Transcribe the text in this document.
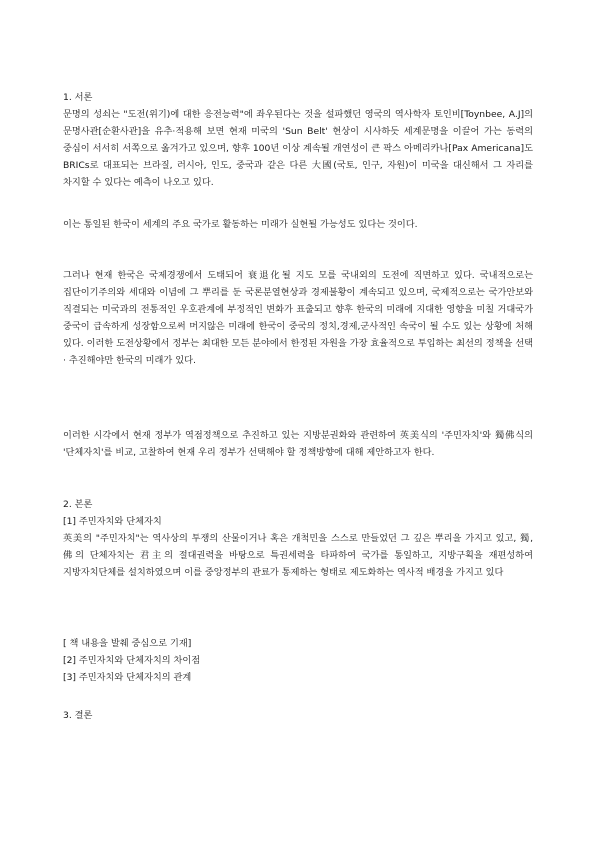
1. 서론
문명의 성쇠는 "도전(위기)에 대한 응전능력"에 좌우된다는 것을 설파했던 영국의 역사학자 토인비[Toynbee, A.J]의 문명사관[순환사관]을 유추·적용해 보면 현재 미국의 'Sun Belt' 현상이 시사하듯 세계문명을 이끌어 가는 동력의 중심이 서서히 서쪽으로 옮겨가고 있으며, 향후 100년 이상 계속될 개연성이 큰 팍스 아메리카나[Pax Americana]도 BRICs로 대표되는 브라질, 러시아, 인도, 중국과 같은 다른 大國(국토, 인구, 자원)이 미국을 대신해서 그 자리를 차지할 수 있다는 예측이 나오고 있다.
이는 통일된 한국이 세계의 주요 국가로 활동하는 미래가 실현될 가능성도 있다는 것이다.
그러나 현재 한국은 국제경쟁에서 도태되어 衰退化될 지도 모를 국내외의 도전에 직면하고 있다. 국내적으로는 집단이기주의와 세대와 이념에 그 뿌리를 둔 국론분열현상과 경제불황이 계속되고 있으며, 국제적으로는 국가안보와 직결되는 미국과의 전통적인 우호관계에 부정적인 변화가 표출되고 향후 한국의 미래에 지대한 영향을 미칠 거대국가 중국이 급속하게 성장함으로써 머지않은 미래에 한국이 중국의 정치,경제,군사적인 속국이 될 수도 있는 상황에 처해 있다. 이러한 도전상황에서 정부는 최대한 모든 분야에서 한정된 자원을 가장 효율적으로 투입하는 최선의 정책을 선택 · 추진해야만 한국의 미래가 있다.
이러한 시각에서 현재 정부가 역점정책으로 추진하고 있는 지방분권화와 관련하여 英美식의 '주민자치'와 獨佛식의 '단체자치'를 비교, 고찰하여 현재 우리 정부가 선택해야 할 정책방향에 대해 제안하고자 한다.
2. 본론
[1] 주민자치와 단체자치
英美의 "주민자치"는 역사상의 투쟁의 산물이거나 혹은 개척민을 스스로 만들었던 그 깊은 뿌리을 가지고 있고, 獨,佛의 단체자치는 君主의 절대권력을 바탕으로 특권세력을 타파하여 국가를 통일하고, 지방구획을 재편성하여 지방자치단체를 설치하였으며 이를 중앙정부의 관료가 통제하는 형태로 제도화하는 역사적 배경을 가지고 있다
[ 책 내용을 발췌 중심으로 기재]
[2] 주민자치와 단체자치의 차이점
[3] 주민자치와 단체자치의 관계
3. 결론
